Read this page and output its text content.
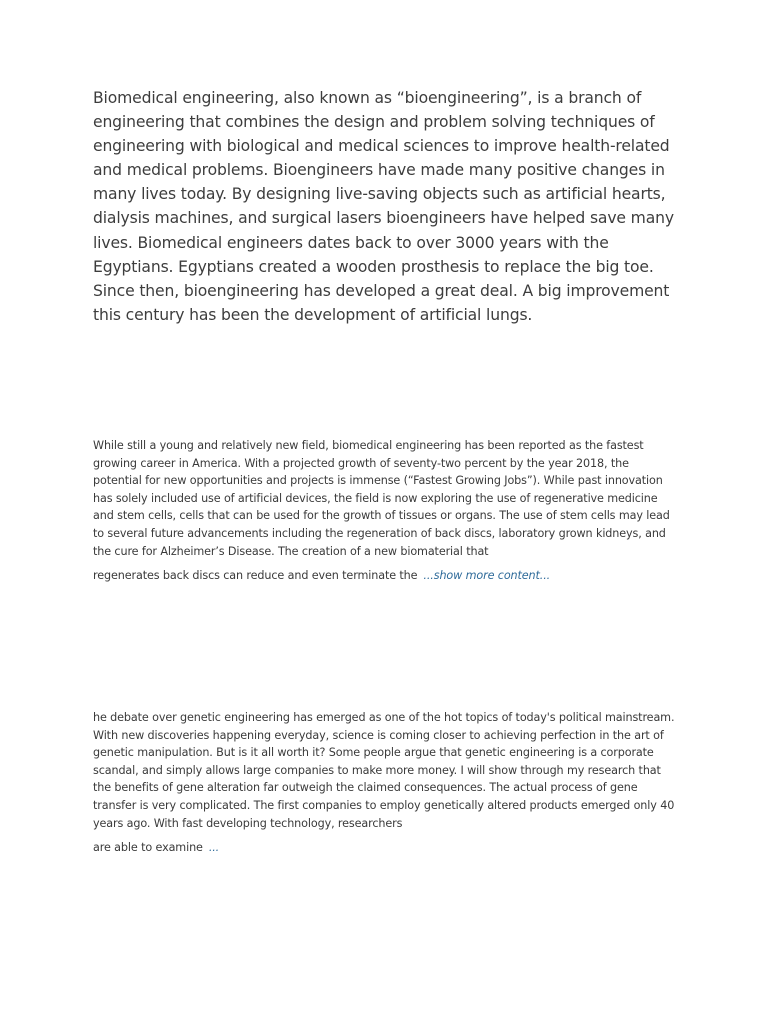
Biomedical engineering, also known as “bioengineering”, is a branch of engineering that combines the design and problem solving techniques of engineering with biological and medical sciences to improve health-related and medical problems. Bioengineers have made many positive changes in many lives today. By designing live-saving objects such as artificial hearts, dialysis machines, and surgical lasers bioengineers have helped save many lives. Biomedical engineers dates back to over 3000 years with the Egyptians. Egyptians created a wooden prosthesis to replace the big toe. Since then, bioengineering has developed a great deal. A big improvement this century has been the development of artificial lungs.

While still a young and relatively new field, biomedical engineering has been reported as the fastest growing career in America. With a projected growth of seventy-two percent by the year 2018, the potential for new opportunities and projects is immense (“Fastest Growing Jobs”). While past innovation has solely included use of artificial devices, the field is now exploring the use of regenerative medicine and stem cells, cells that can be used for the growth of tissues or organs. The use of stem cells may lead to several future advancements including the regeneration of back discs, laboratory grown kidneys, and the cure for Alzheimer’s Disease. The creation of a new biomaterial that
regenerates back discs can reduce and even terminate the ...show more content...
he debate over genetic engineering has emerged as one of the hot topics of today's political mainstream. With new discoveries happening everyday, science is coming closer to achieving perfection in the art of genetic manipulation. But is it all worth it? Some people argue that genetic engineering is a corporate scandal, and simply allows large companies to make more money. I will show through my research that the benefits of gene alteration far outweigh the claimed consequences. The actual process of gene transfer is very complicated. The first companies to employ genetically altered products emerged only 40 years ago. With fast developing technology, researchers
are able to examine ...
